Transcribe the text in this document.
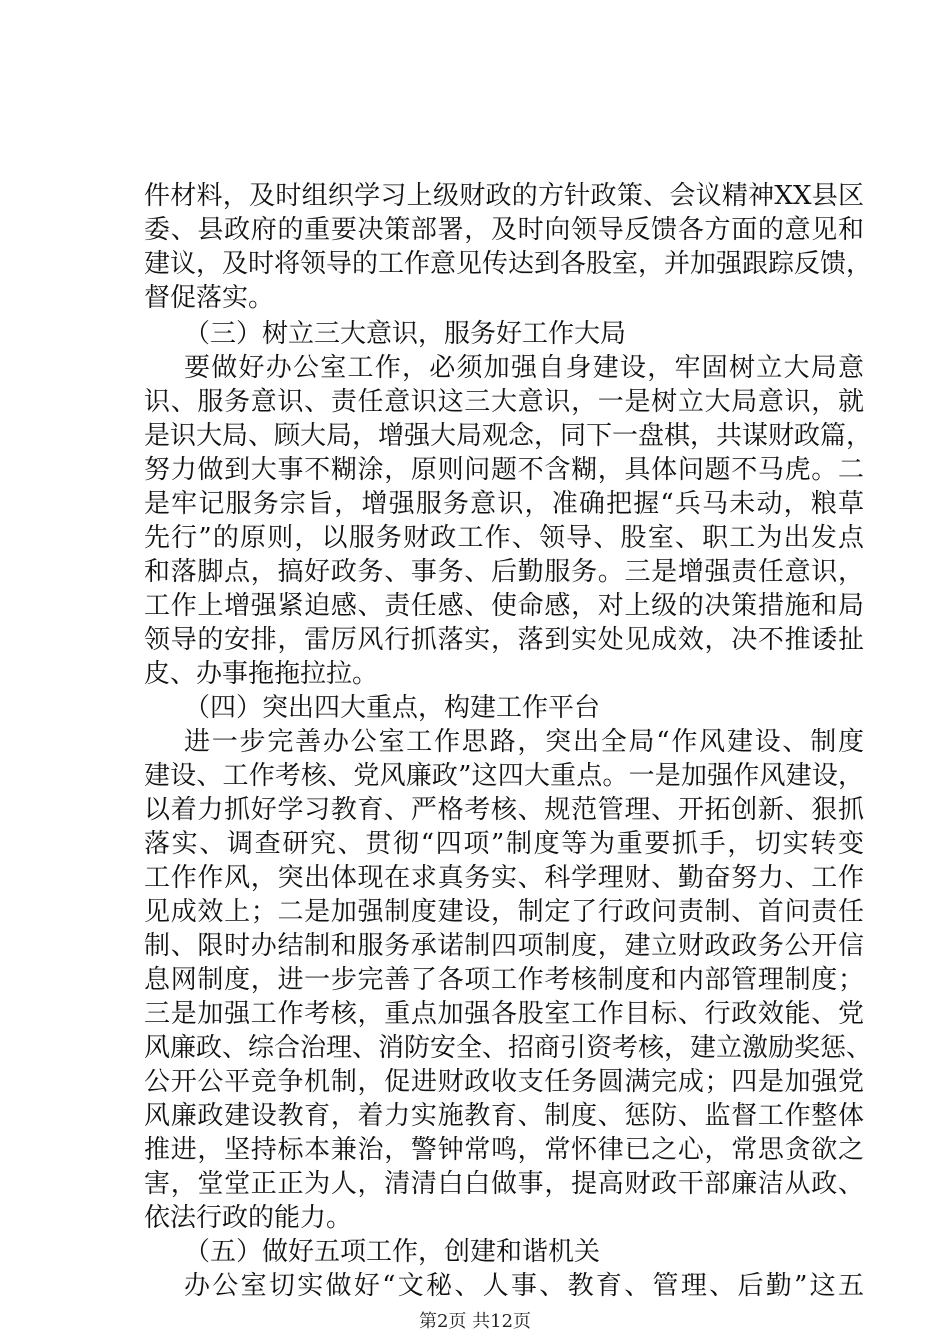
件材料，及时组织学习上级财政的方针政策、会议精神XX县区
委、县政府的重要决策部署，及时向领导反馈各方面的意见和
建议，及时将领导的工作意见传达到各股室，并加强跟踪反馈，
督促落实。
（三）树立三大意识，服务好工作大局
要做好办公室工作，必须加强自身建设，牢固树立大局意
识、服务意识、责任意识这三大意识，一是树立大局意识，就
是识大局、顾大局，增强大局观念，同下一盘棋，共谋财政篇，
努力做到大事不糊涂，原则问题不含糊，具体问题不马虎。二
是牢记服务宗旨，增强服务意识，准确把握“兵马未动，粮草
先行”的原则，以服务财政工作、领导、股室、职工为出发点
和落脚点，搞好政务、事务、后勤服务。三是增强责任意识，
工作上增强紧迫感、责任感、使命感，对上级的决策措施和局
领导的安排，雷厉风行抓落实，落到实处见成效，决不推诿扯
皮、办事拖拖拉拉。
（四）突出四大重点，构建工作平台
进一步完善办公室工作思路，突出全局“作风建设、制度
建设、工作考核、党风廉政”这四大重点。一是加强作风建设，
以着力抓好学习教育、严格考核、规范管理、开拓创新、狠抓
落实、调查研究、贯彻“四项”制度等为重要抓手，切实转变
工作作风，突出体现在求真务实、科学理财、勤奋努力、工作
见成效上；二是加强制度建设，制定了行政问责制、首问责任
制、限时办结制和服务承诺制四项制度，建立财政政务公开信
息网制度，进一步完善了各项工作考核制度和内部管理制度；
三是加强工作考核，重点加强各股室工作目标、行政效能、党
风廉政、综合治理、消防安全、招商引资考核，建立激励奖惩、
公开公平竞争机制，促进财政收支任务圆满完成；四是加强党
风廉政建设教育，着力实施教育、制度、惩防、监督工作整体
推进，坚持标本兼治，警钟常鸣，常怀律已之心，常思贪欲之
害，堂堂正正为人，清清白白做事，提高财政干部廉洁从政、
依法行政的能力。
（五）做好五项工作，创建和谐机关
办公室切实做好“文秘、人事、教育、管理、后勤”这五
第2页 共12页
